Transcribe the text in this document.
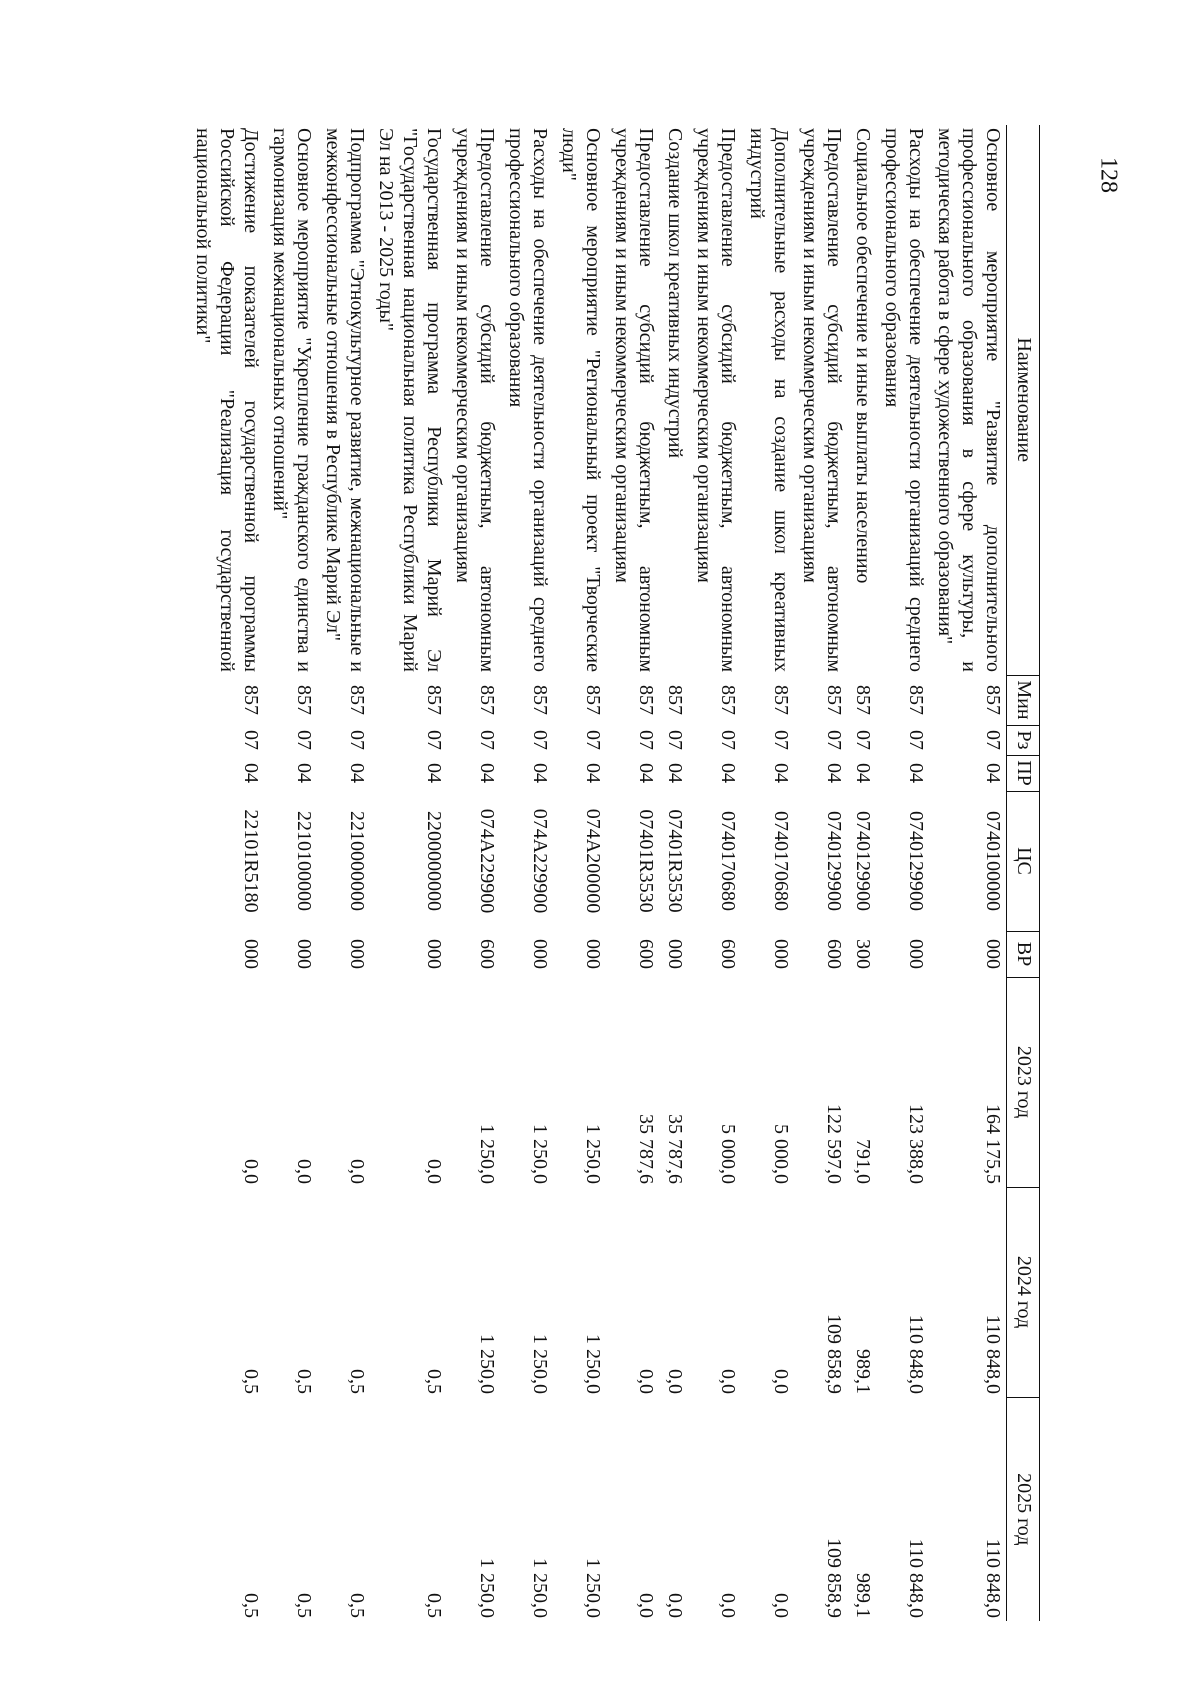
128
Наименование	Мин	Рз	ПР	ЦС	ВР	2023 год	2024 год	2025 год
Основное мероприятие "Развитие дополнительного профессионального образования в сфере культуры, и методическая работа в сфере художественного образования"	857	07	04	0740100000	000	164 175,5	110 848,0	110 848,0
Расходы на обеспечение деятельности организаций среднего профессионального образования	857	07	04	0740129900	000	123 388,0	110 848,0	110 848,0
Социальное обеспечение и иные выплаты населению	857	07	04	0740129900	300	791,0	989,1	989,1
Предоставление субсидий бюджетным, автономным учреждениям и иным некоммерческим организациям	857	07	04	0740129900	600	122 597,0	109 858,9	109 858,9
Дополнительные расходы на создание школ креативных индустрий	857	07	04	0740170680	000	5 000,0	0,0	0,0
Предоставление субсидий бюджетным, автономным учреждениям и иным некоммерческим организациям	857	07	04	0740170680	600	5 000,0	0,0	0,0
Создание школ креативных индустрий	857	07	04	07401R3530	000	35 787,6	0,0	0,0
Предоставление субсидий бюджетным, автономным учреждениям и иным некоммерческим организациям	857	07	04	07401R3530	600	35 787,6	0,0	0,0
Основное мероприятие "Региональный проект "Творческие люди"	857	07	04	074A200000	000	1 250,0	1 250,0	1 250,0
Расходы на обеспечение деятельности организаций среднего профессионального образования	857	07	04	074A229900	000	1 250,0	1 250,0	1 250,0
Предоставление субсидий бюджетным, автономным учреждениям и иным некоммерческим организациям	857	07	04	074A229900	600	1 250,0	1 250,0	1 250,0
Государственная программа Республики Марий Эл "Государственная национальная политика Республики Марий Эл на 2013 - 2025 годы"	857	07	04	2200000000	000	0,0	0,5	0,5
Подпрограмма "Этнокультурное развитие, межнациональные и межконфессиональные отношения в Республике Марий Эл"	857	07	04	2210000000	000	0,0	0,5	0,5
Основное мероприятие "Укрепление гражданского единства и гармонизация межнациональных отношений"	857	07	04	2210100000	000	0,0	0,5	0,5
Достижение показателей государственной программы Российской Федерации "Реализация государственной национальной политики"	857	07	04	22101R5180	000	0,0	0,5	0,5
